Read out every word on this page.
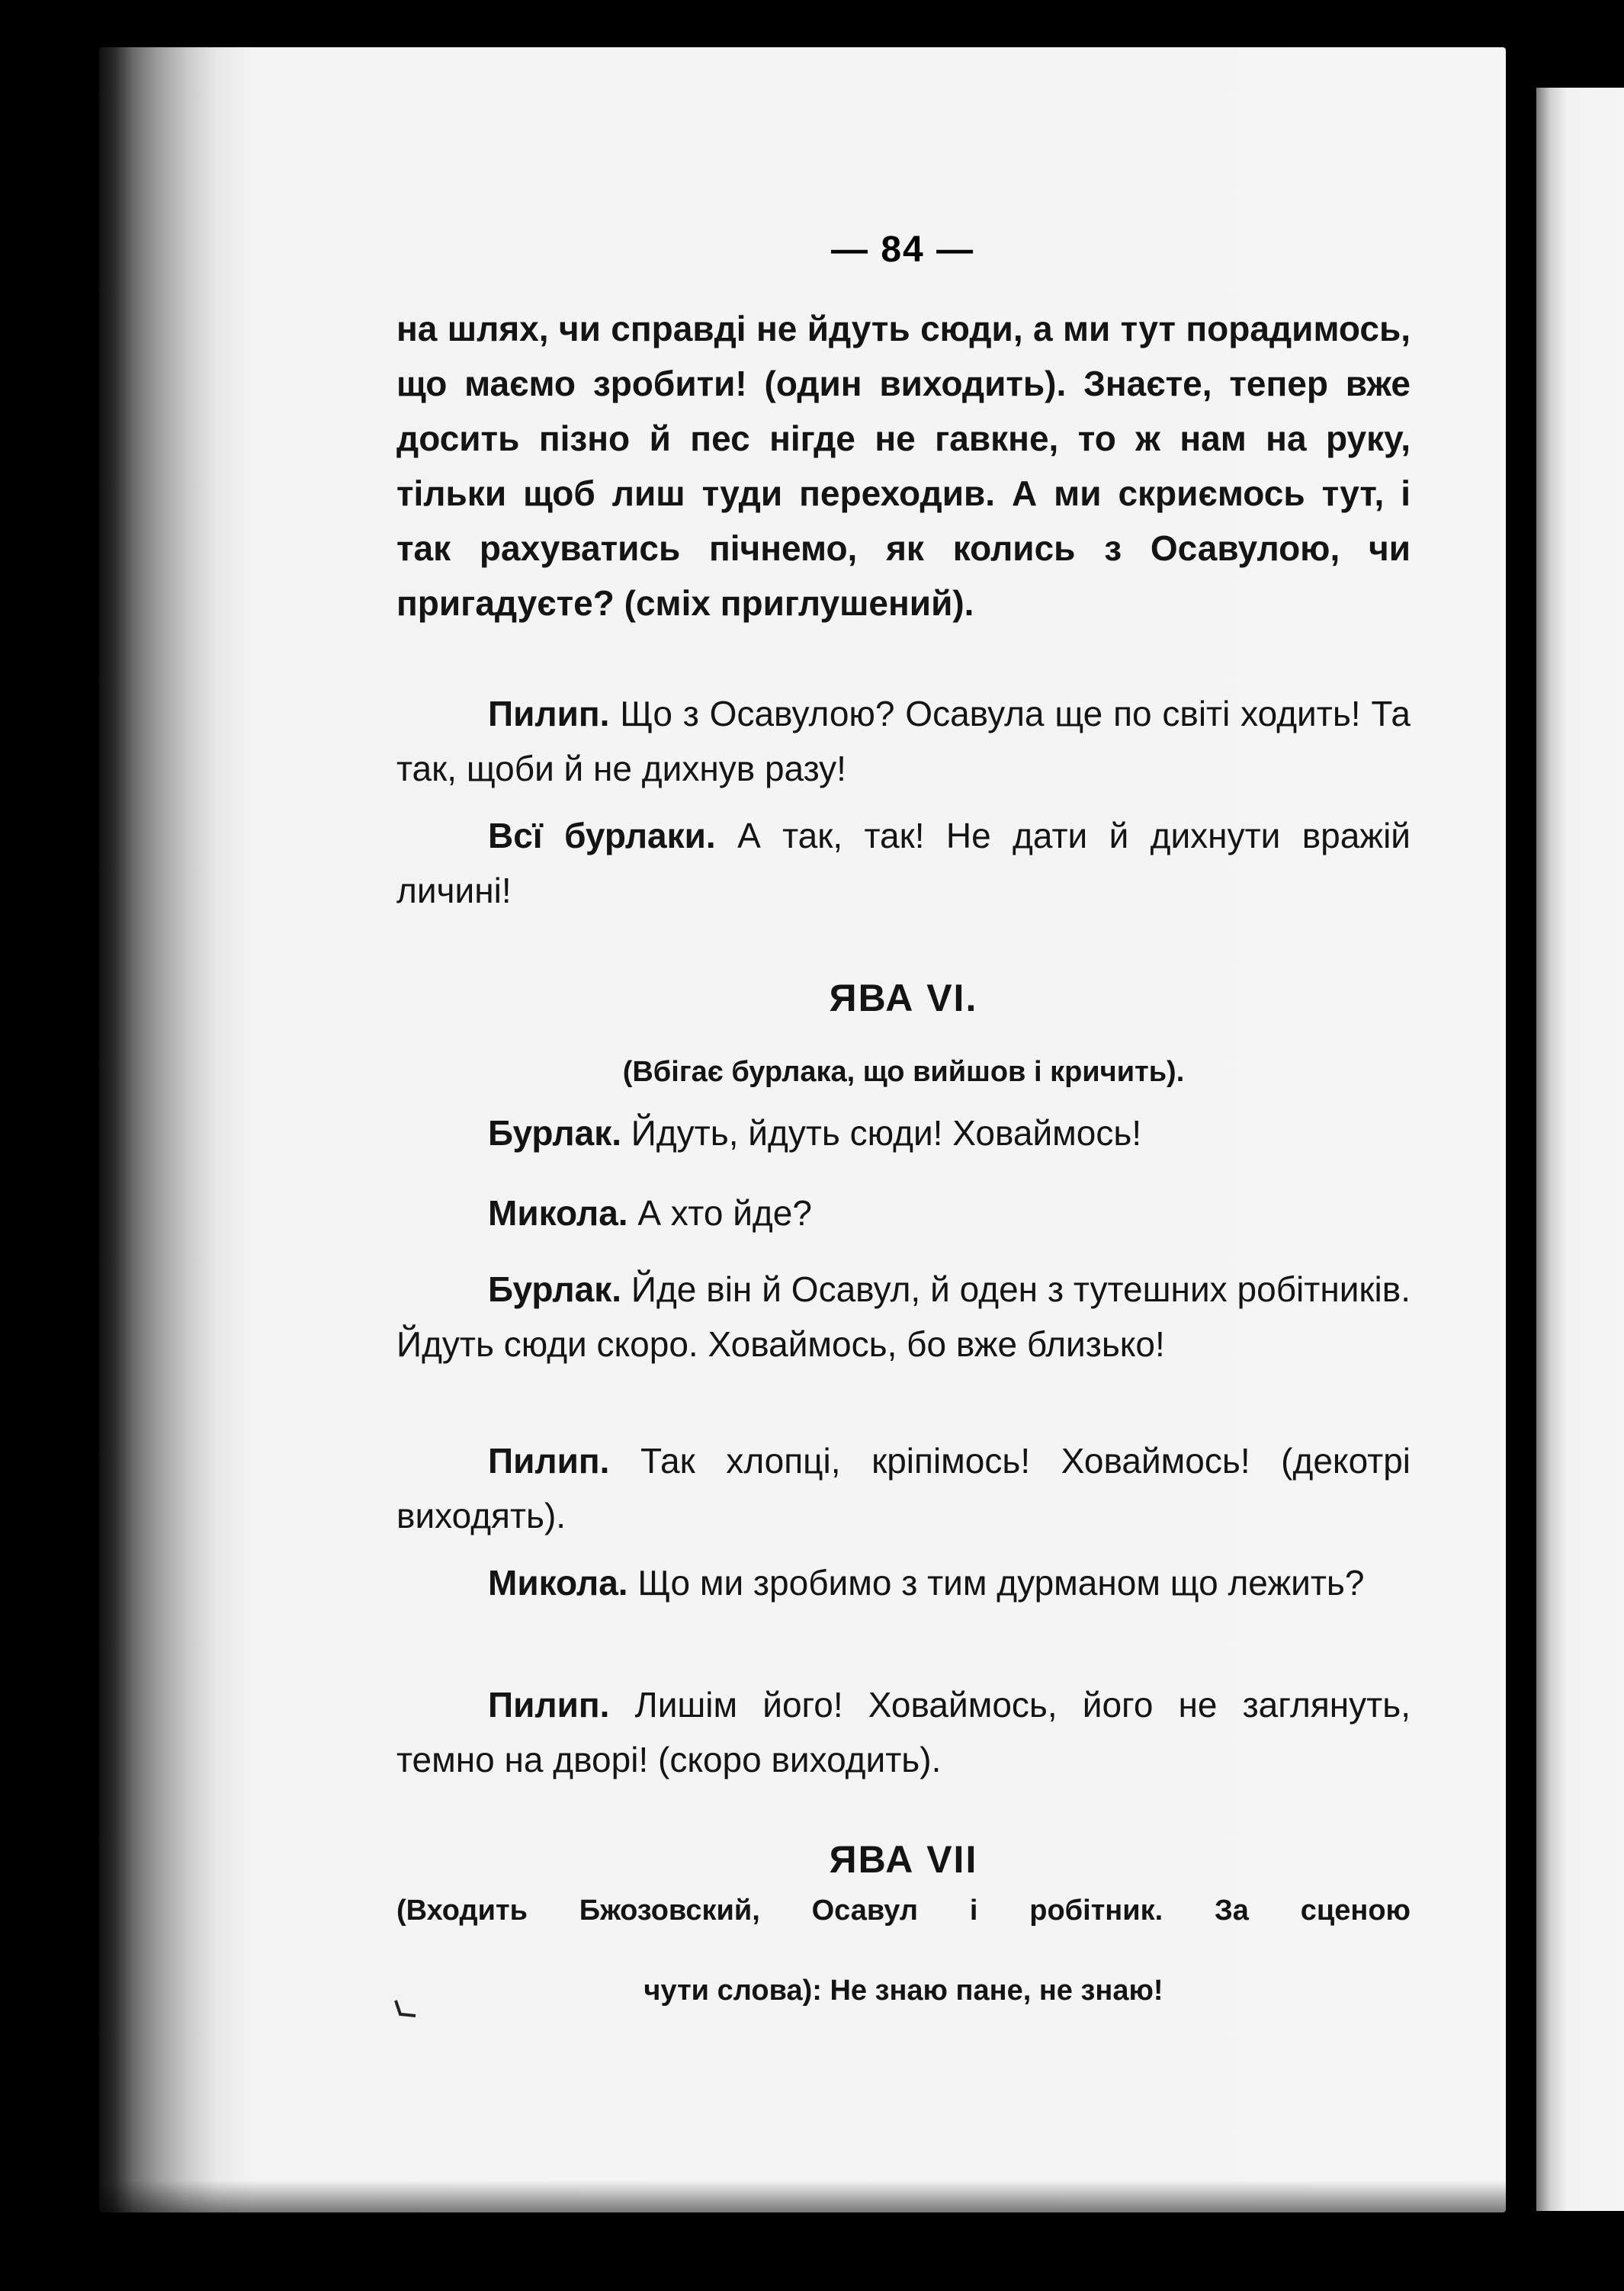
— 84 —

на шлях, чи справді не йдуть сюди, а ми тут порадимось, що маємо зробити! (один виходить). Знаєте, тепер вже досить пізно й пес нігде не гавкне, то ж нам на руку, тільки щоб лиш туди переходив. А ми скриємось тут, і так рахуватись пічнемо, як колись з Осавулою, чи пригадуєте? (сміх приглушений).

Пилип. Що з Осавулою? Осавула ще по світі ходить! Та так, щоби й не дихнув разу!

Всї бурлаки. А так, так! Не дати й дихнути вражій личині!

ЯВА VI.
(Вбігає бурлака, що вийшов і кричить).

Бурлак. Йдуть, йдуть сюди! Ховаймось!

Микола. А хто йде?

Бурлак. Йде він й Осавул, й оден з тутешних робітників. Йдуть сюди скоро. Ховаймось, бо вже близько!

Пилип. Так хлопці, кріпімось! Ховаймось! (декотрі виходять).

Микола. Що ми зробимо з тим дурманом що лежить?

Пилип. Лишім його! Ховаймось, його не заглянуть, темно на дворі! (скоро виходить).

ЯВА VII
(Входить Бжозовский, Осавул і робітник. За сценою
чути слова): Не знаю пане, не знаю!
